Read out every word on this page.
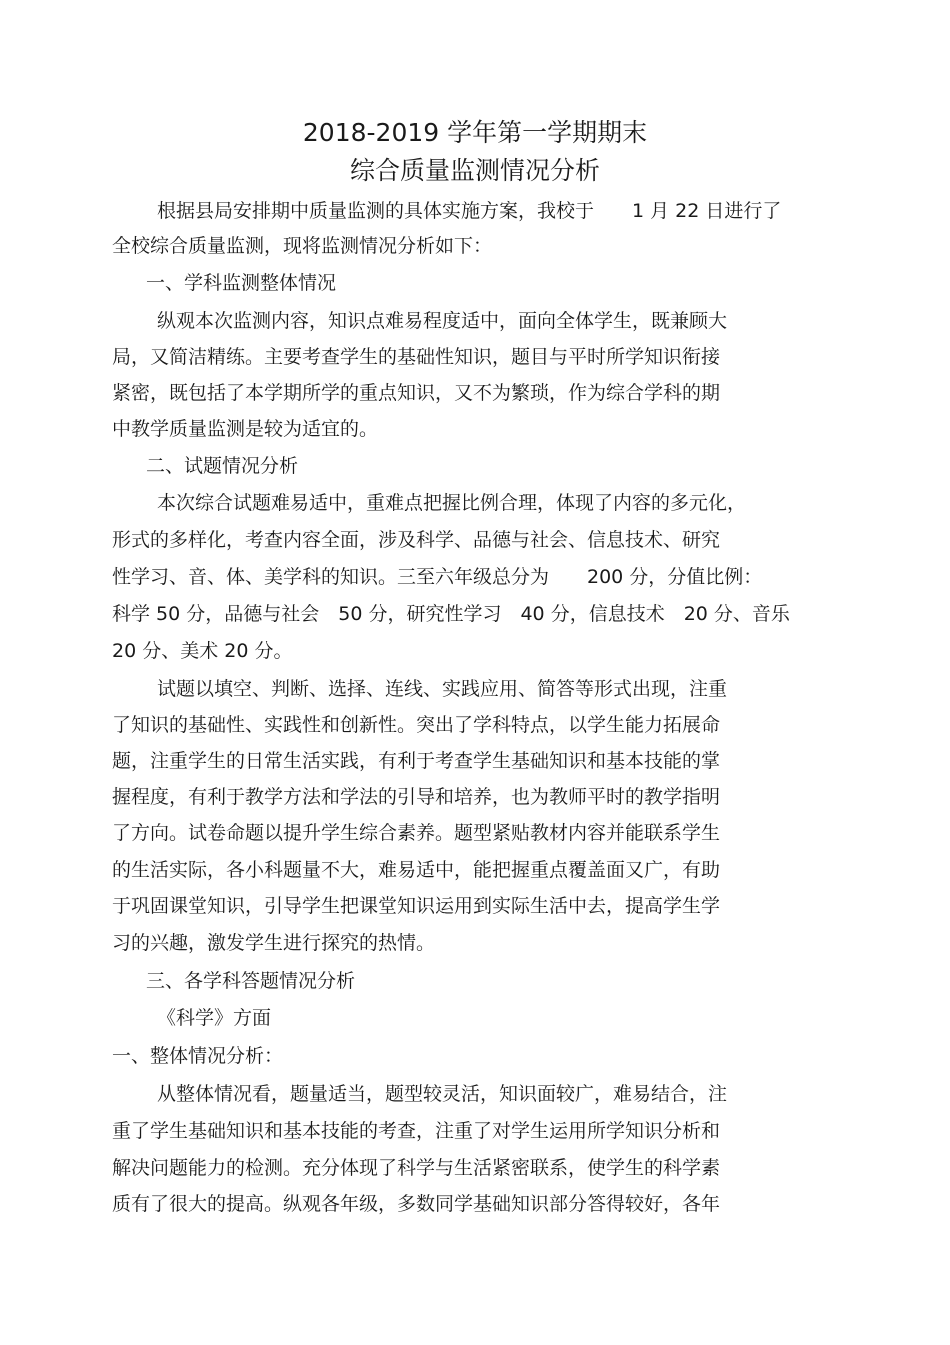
2018-2019 学年第一学期期末
综合质量监测情况分析
根据县局安排期中质量监测的具体实施方案，我校于　　1 月 22 日进行了
全校综合质量监测，现将监测情况分析如下：
一、学科监测整体情况
纵观本次监测内容，知识点难易程度适中，面向全体学生，既兼顾大
局，又简洁精练。主要考查学生的基础性知识，题目与平时所学知识衔接
紧密，既包括了本学期所学的重点知识，又不为繁琐，作为综合学科的期
中教学质量监测是较为适宜的。
二、试题情况分析
本次综合试题难易适中，重难点把握比例合理，体现了内容的多元化，
形式的多样化，考查内容全面，涉及科学、品德与社会、信息技术、研究
性学习、音、体、美学科的知识。三至六年级总分为　　200 分，分值比例：
科学 50 分，品德与社会　50 分，研究性学习　40 分，信息技术　20 分、音乐
20 分、美术 20 分。
试题以填空、判断、选择、连线、实践应用、简答等形式出现，注重
了知识的基础性、实践性和创新性。突出了学科特点，以学生能力拓展命
题，注重学生的日常生活实践，有利于考查学生基础知识和基本技能的掌
握程度，有利于教学方法和学法的引导和培养，也为教师平时的教学指明
了方向。试卷命题以提升学生综合素养。题型紧贴教材内容并能联系学生
的生活实际，各小科题量不大，难易适中，能把握重点覆盖面又广，有助
于巩固课堂知识，引导学生把课堂知识运用到实际生活中去，提高学生学
习的兴趣，激发学生进行探究的热情。
三、各学科答题情况分析
《科学》方面
一、整体情况分析：
从整体情况看，题量适当，题型较灵活，知识面较广，难易结合，注
重了学生基础知识和基本技能的考查，注重了对学生运用所学知识分析和
解决问题能力的检测。充分体现了科学与生活紧密联系，使学生的科学素
质有了很大的提高。纵观各年级，多数同学基础知识部分答得较好，各年
